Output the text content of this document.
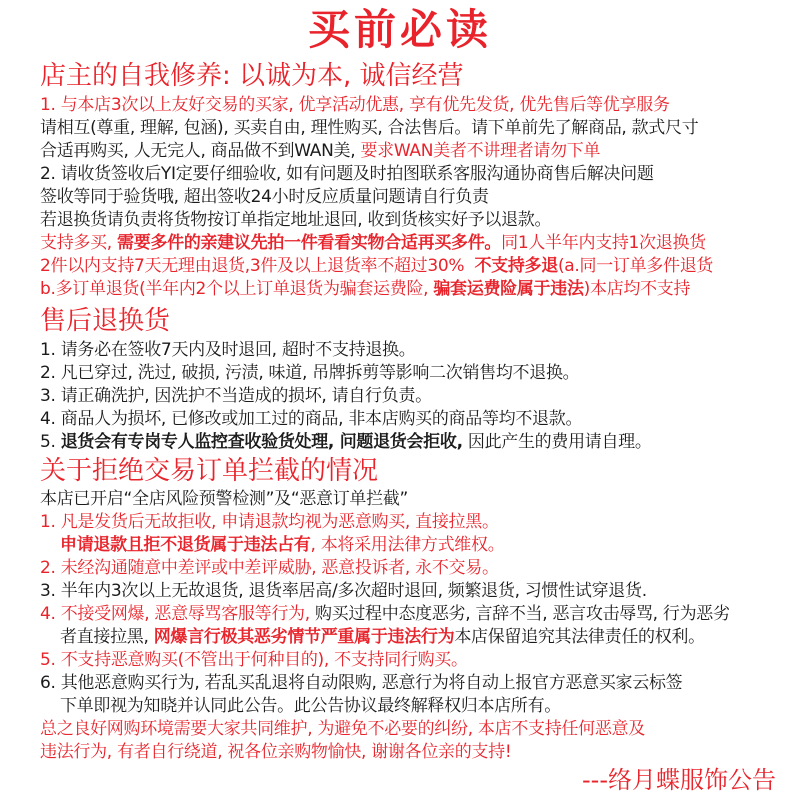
买前必读
店主的自我修养: 以诚为本, 诚信经营
1. 与本店3次以上友好交易的买家, 优享活动优惠, 享有优先发货, 优先售后等优享服务
请相互(尊重, 理解, 包涵), 买卖自由, 理性购买, 合法售后。请下单前先了解商品, 款式尺寸
合适再购买, 人无完人, 商品做不到WAN美, 要求WAN美者不讲理者请勿下单
2. 请收货签收后YI定要仔细验收, 如有问题及时拍图联系客服沟通协商售后解决问题
签收等同于验货哦, 超出签收24小时反应质量问题请自行负责
若退换货请负责将货物按订单指定地址退回, 收到货核实好予以退款。
支持多买, 需要多件的亲建议先拍一件看看实物合适再买多件。同1人半年内支持1次退换货
2件以内支持7天无理由退货,3件及以上退货率不超过30%  不支持多退(a.同一订单多件退货
b.多订单退货(半年内2个以上订单退货为骗套运费险, 骗套运费险属于违法)本店均不支持
售后退换货
1. 请务必在签收7天内及时退回, 超时不支持退换。
2. 凡已穿过, 洗过, 破损, 污渍, 味道, 吊牌拆剪等影响二次销售均不退换。
3. 请正确洗护, 因洗护不当造成的损坏, 请自行负责。
4. 商品人为损坏, 已修改或加工过的商品, 非本店购买的商品等均不退款。
5. 退货会有专岗专人监控查收验货处理, 问题退货会拒收, 因此产生的费用请自理。
关于拒绝交易订单拦截的情况
本店已开启“全店风险预警检测”及“恶意订单拦截”
1. 凡是发货后无故拒收, 申请退款均视为恶意购买, 直接拉黑。
申请退款且拒不退货属于违法占有, 本将采用法律方式维权。
2. 未经沟通随意中差评或中差评威胁, 恶意投诉者, 永不交易。
3. 半年内3次以上无故退货, 退货率居高/多次超时退回, 频繁退货, 习惯性试穿退货.
4. 不接受网爆, 恶意辱骂客服等行为, 购买过程中态度恶劣, 言辞不当, 恶言攻击辱骂, 行为恶劣
者直接拉黑, 网爆言行极其恶劣情节严重属于违法行为本店保留追究其法律责任的权利。
5. 不支持恶意购买(不管出于何种目的), 不支持同行购买。
6. 其他恶意购买行为, 若乱买乱退将自动限购, 恶意行为将自动上报官方恶意买家云标签
下单即视为知晓并认同此公告。此公告协议最终解释权归本店所有。
总之良好网购环境需要大家共同维护, 为避免不必要的纠纷, 本店不支持任何恶意及
违法行为, 有者自行绕道, 祝各位亲购物愉快, 谢谢各位亲的支持!
---络月蝶服饰公告
